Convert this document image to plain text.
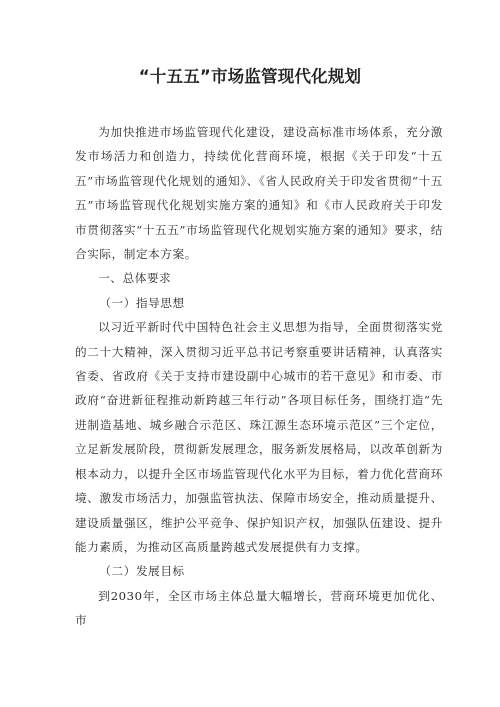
“十五五”市场监管现代化规划

为加快推进市场监管现代化建设，建设高标准市场体系，充分激发市场活力和创造力，持续优化营商环境，根据《关于印发“十五五”市场监管现代化规划的通知》、《省人民政府关于印发省贯彻“十五五”市场监管现代化规划实施方案的通知》和《市人民政府关于印发市贯彻落实“十五五”市场监管现代化规划实施方案的通知》要求，结合实际，制定本方案。

一、总体要求

（一）指导思想

以习近平新时代中国特色社会主义思想为指导，全面贯彻落实党的二十大精神，深入贯彻习近平总书记考察重要讲话精神，认真落实省委、省政府《关于支持市建设副中心城市的若干意见》和市委、市政府“奋进新征程推动新跨越三年行动”各项目标任务，围绕打造“先进制造基地、城乡融合示范区、珠江源生态环境示范区”三个定位，立足新发展阶段，贯彻新发展理念，服务新发展格局，以改革创新为根本动力，以提升全区市场监管现代化水平为目标，着力优化营商环境、激发市场活力，加强监管执法、保障市场安全，推动质量提升、建设质量强区，维护公平竞争、保护知识产权，加强队伍建设、提升能力素质，为推动区高质量跨越式发展提供有力支撑。

（二）发展目标

到2030年，全区市场主体总量大幅增长，营商环境更加优化、市
